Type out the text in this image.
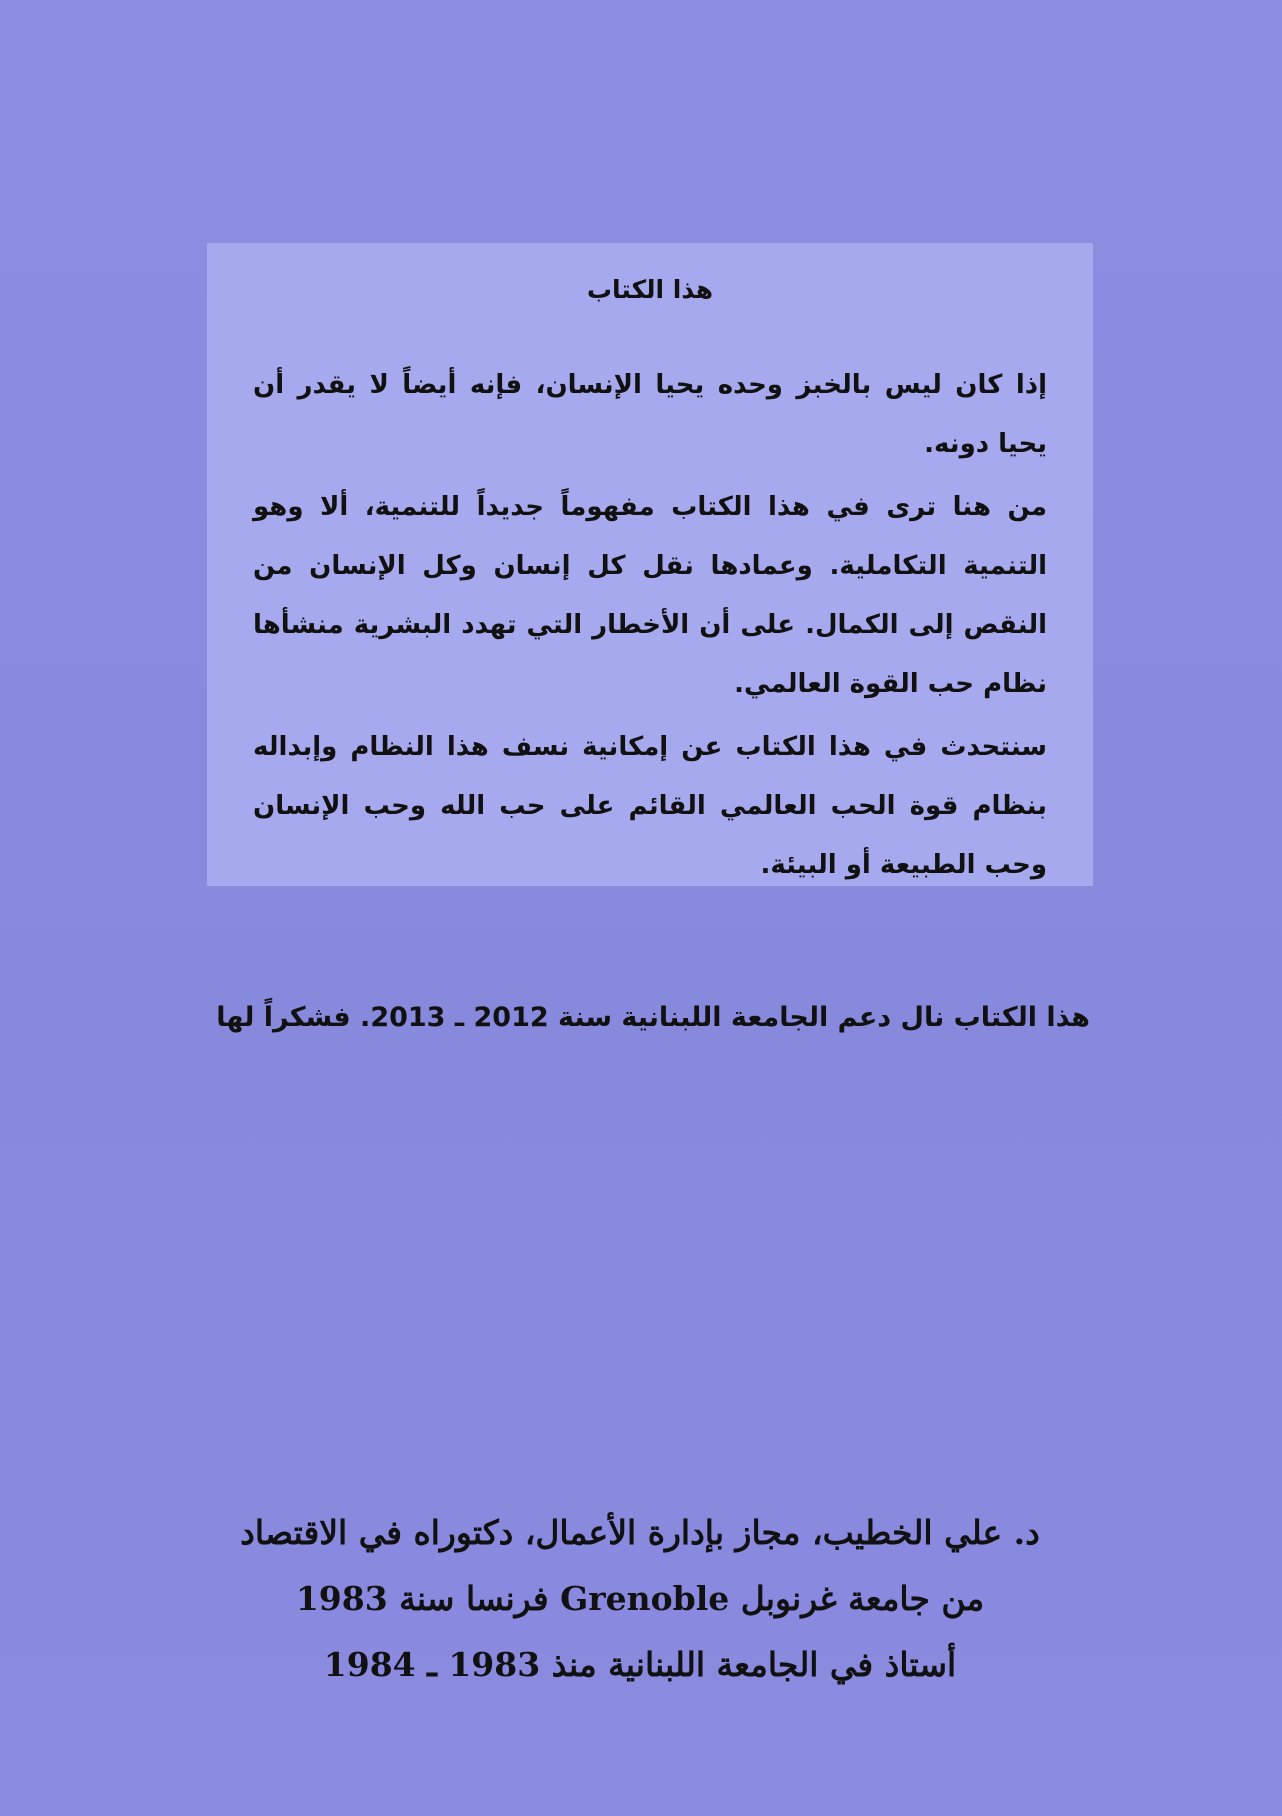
هذا الكتاب

إذا كان ليس بالخبز وحده يحيا الإنسان، فإنه أيضاً لا يقدر أن يحيا دونه.

من هنا ترى في هذا الكتاب مفهوماً جديداً للتنمية، ألا وهو التنمية التكاملية. وعمادها نقل كل إنسان وكل الإنسان من النقص إلى الكمال. على أن الأخطار التي تهدد البشرية منشأها نظام حب القوة العالمي.

سنتحدث في هذا الكتاب عن إمكانية نسف هذا النظام وإبداله بنظام قوة الحب العالمي القائم على حب الله وحب الإنسان وحب الطبيعة أو البيئة.

هذا الكتاب نال دعم الجامعة اللبنانية سنة 2012 ـ 2013. فشكراً لها

د. علي الخطيب، مجاز بإدارة الأعمال، دكتوراه في الاقتصاد

من جامعة غرنوبل Grenoble فرنسا سنة 1983

أستاذ في الجامعة اللبنانية منذ 1983 ـ 1984
